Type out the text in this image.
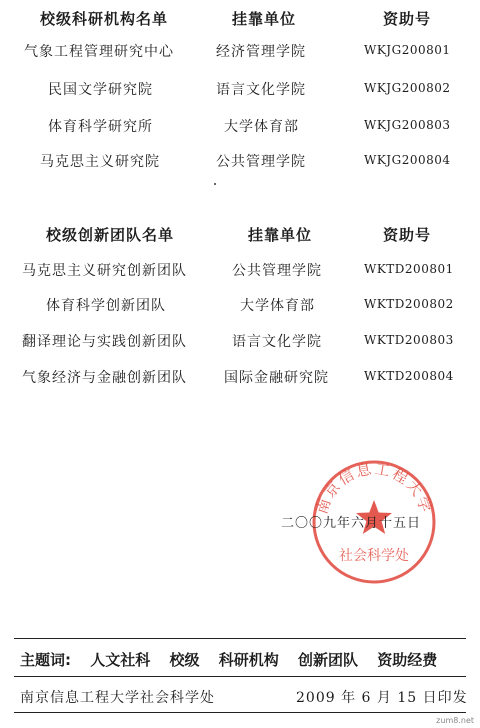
校级科研机构名单	挂靠单位	资助号
气象工程管理研究中心	经济管理学院	WKJG200801
民国文学研究院	语言文化学院	WKJG200802
体育科学研究所	大学体育部	WKJG200803
马克思主义研究院	公共管理学院	WKJG200804
校级创新团队名单	挂靠单位	资助号
马克思主义研究创新团队	公共管理学院	WKTD200801
体育科学创新团队	大学体育部	WKTD200802
翻译理论与实践创新团队	语言文化学院	WKTD200803
气象经济与金融创新团队	国际金融研究院	WKTD200804
南京信息工程大学
社会科学处
二〇〇九年六月十五日
主题词: 人文社科 校级 科研机构 创新团队 资助经费
南京信息工程大学社会科学处	2009 年 6 月 15 日印发
zum8.net
